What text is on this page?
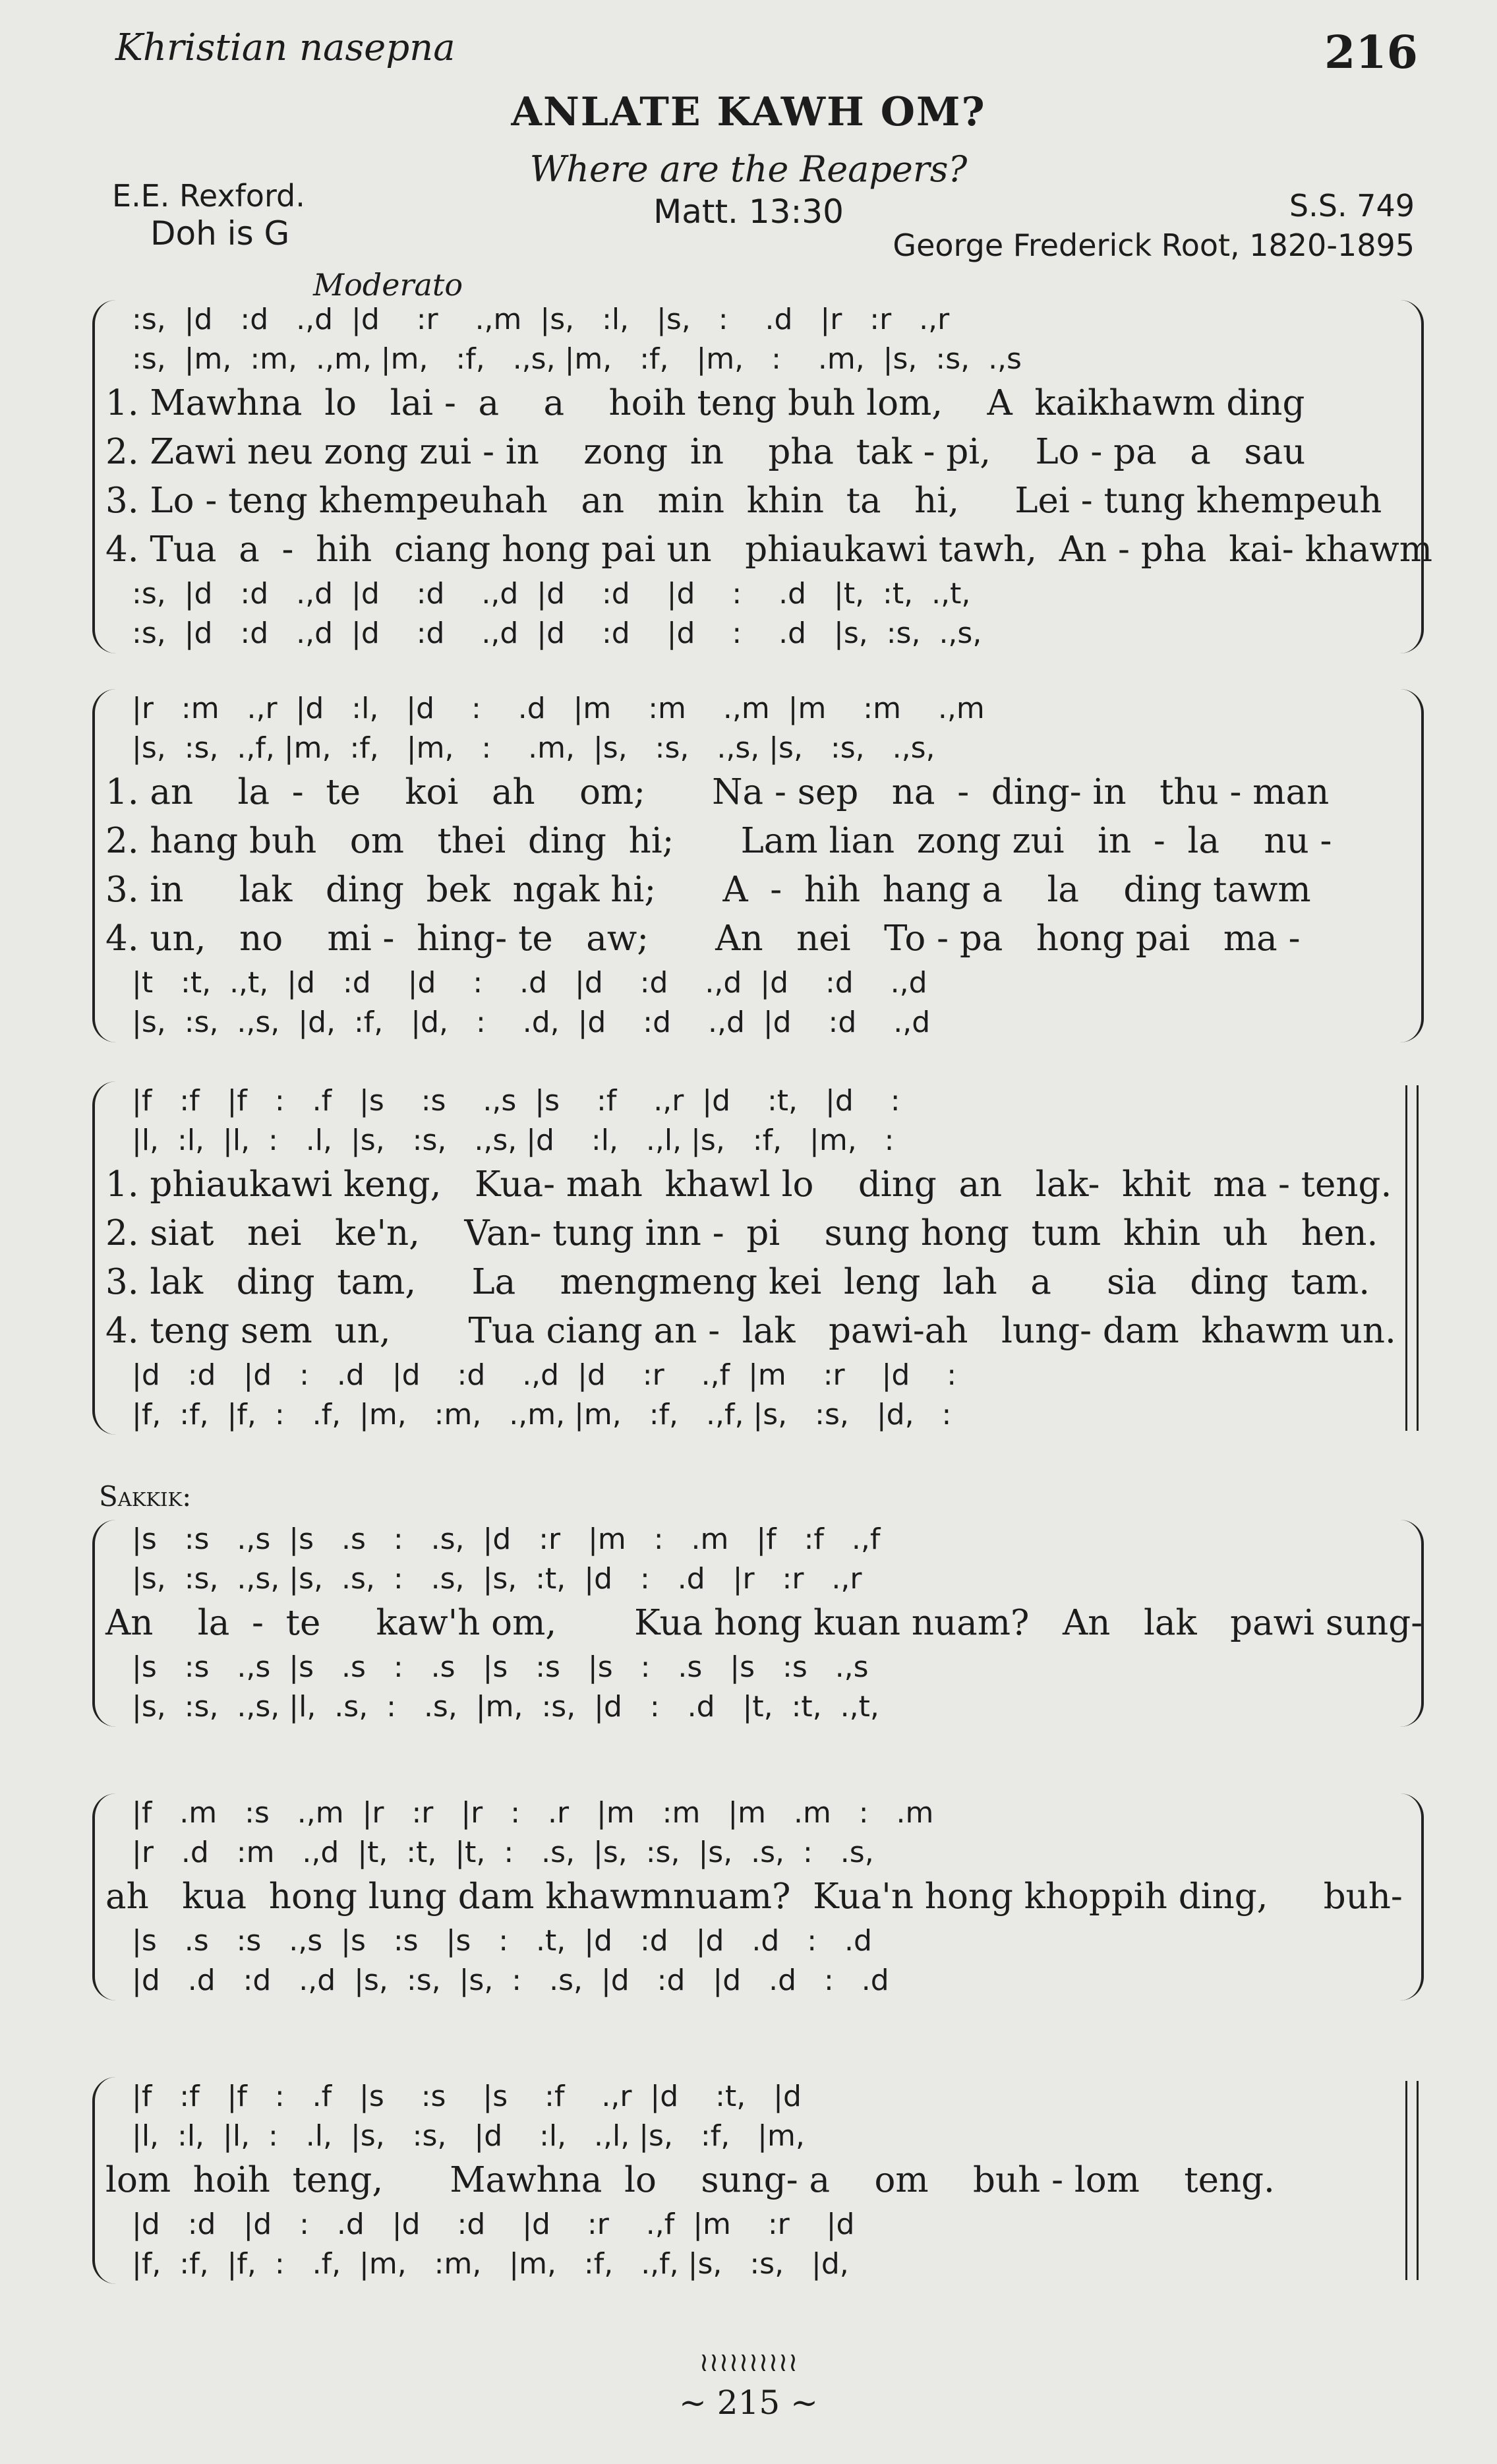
Khristian nasepna	216
ANLATE KAWH OM?
Where are the Reapers?
Matt. 13:30
E.E. Rexford.
Doh is G
S.S. 749
George Frederick Root, 1820-1895
Moderato
:s,  |d   :d   .,d  |d    :r    .,m  |s,   :l,   |s,   :    .d   |r   :r   .,r
:s,  |m,  :m,  .,m, |m,   :f,   .,s, |m,   :f,   |m,   :    .m,  |s,  :s,  .,s
1. Mawhna  lo   lai -  a    a    hoih teng buh lom,    A  kaikhawm ding
2. Zawi neu zong zui - in    zong  in    pha  tak - pi,    Lo - pa   a   sau
3. Lo - teng khempeuhah   an   min  khin  ta   hi,     Lei - tung khempeuh
4. Tua  a  -  hih  ciang hong pai un   phiaukawi tawh,  An - pha  kai- khawm
:s,  |d   :d   .,d  |d    :d    .,d  |d    :d    |d    :    .d   |t,  :t,  .,t,
:s,  |d   :d   .,d  |d    :d    .,d  |d    :d    |d    :    .d   |s,  :s,  .,s,
|r   :m   .,r  |d   :l,   |d    :    .d   |m    :m    .,m  |m    :m    .,m
|s,  :s,  .,f, |m,  :f,   |m,   :    .m,  |s,   :s,   .,s, |s,   :s,   .,s,
1. an    la  -  te    koi   ah    om;      Na - sep   na  -  ding- in   thu - man
2. hang buh   om   thei  ding  hi;      Lam lian  zong zui   in  -  la    nu -
3. in     lak   ding  bek  ngak hi;      A  -  hih  hang a    la    ding tawm
4. un,   no    mi -  hing- te   aw;      An   nei   To - pa   hong pai   ma -
|t   :t,  .,t,  |d   :d    |d    :    .d   |d    :d    .,d  |d    :d    .,d
|s,  :s,  .,s,  |d,  :f,   |d,   :    .d,  |d    :d    .,d  |d    :d    .,d
|f   :f   |f   :   .f   |s    :s    .,s  |s    :f    .,r  |d    :t,   |d    :
|l,  :l,  |l,  :   .l,  |s,   :s,   .,s, |d    :l,   .,l, |s,   :f,   |m,   :
1. phiaukawi keng,   Kua- mah  khawl lo    ding  an   lak-  khit  ma - teng.
2. siat   nei   ke'n,    Van- tung inn -  pi    sung hong  tum  khin  uh   hen.
3. lak   ding  tam,     La    mengmeng kei  leng  lah   a     sia   ding  tam.
4. teng sem  un,       Tua ciang an -  lak   pawi-ah   lung- dam  khawm un.
|d   :d   |d   :   .d   |d    :d    .,d  |d    :r    .,f  |m    :r    |d    :
|f,  :f,  |f,  :   .f,  |m,   :m,   .,m, |m,   :f,   .,f, |s,   :s,   |d,   :
Sakkik:
|s   :s   .,s  |s   .s   :   .s,  |d   :r   |m   :   .m   |f   :f   .,f
|s,  :s,  .,s, |s,  .s,  :   .s,  |s,  :t,  |d   :   .d   |r   :r   .,r
An    la  -  te     kaw'h om,       Kua hong kuan nuam?   An   lak   pawi sung-
|s   :s   .,s  |s   .s   :   .s   |s   :s   |s   :   .s   |s   :s   .,s
|s,  :s,  .,s, |l,  .s,  :   .s,  |m,  :s,  |d   :   .d   |t,  :t,  .,t,
|f   .m   :s   .,m  |r   :r   |r   :   .r   |m   :m   |m   .m   :   .m
|r   .d   :m   .,d  |t,  :t,  |t,  :   .s,  |s,  :s,  |s,  .s,  :   .s,
ah   kua  hong lung dam khawmnuam?  Kua'n hong khoppih ding,     buh-
|s   .s   :s   .,s  |s   :s   |s   :   .t,  |d   :d   |d   .d   :   .d
|d   .d   :d   .,d  |s,  :s,  |s,  :   .s,  |d   :d   |d   .d   :   .d
|f   :f   |f   :   .f   |s    :s    |s    :f    .,r  |d    :t,   |d
|l,  :l,  |l,  :   .l,  |s,   :s,   |d    :l,   .,l, |s,   :f,   |m,
lom  hoih  teng,      Mawhna  lo    sung- a    om    buh - lom    teng.
|d   :d   |d   :   .d   |d    :d    |d    :r    .,f  |m    :r    |d
|f,  :f,  |f,  :   .f,  |m,   :m,   |m,   :f,   .,f, |s,   :s,   |d,
≀≀≀≀≀≀≀≀≀≀
~ 215 ~
